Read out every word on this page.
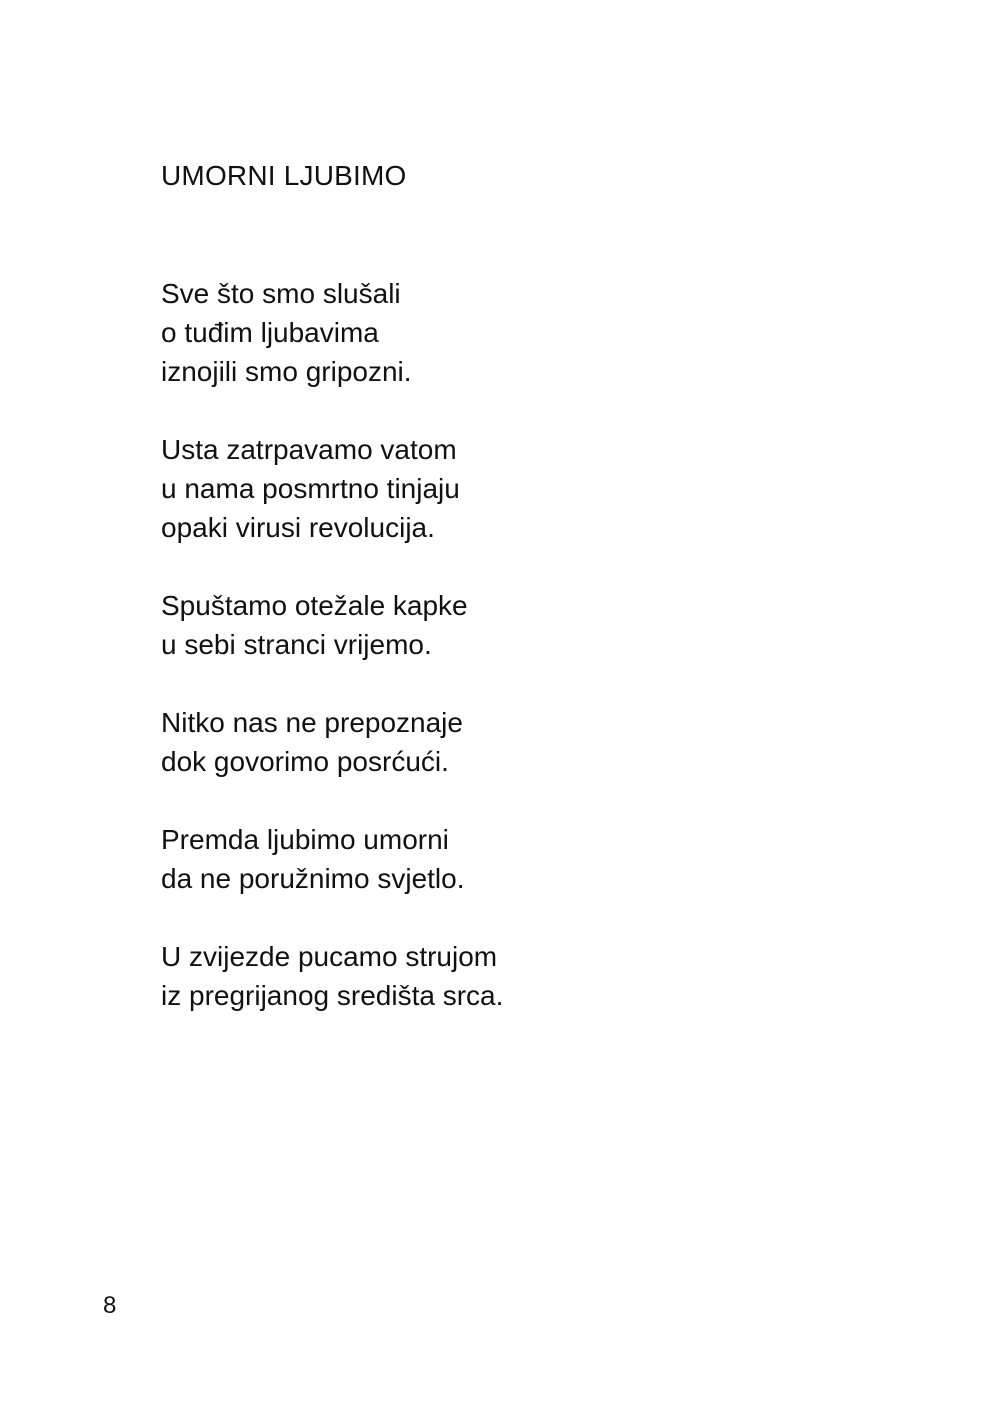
UMORNI LJUBIMO
Sve što smo slušali
o tuđim ljubavima
iznojili smo gripozni.
Usta zatrpavamo vatom
u nama posmrtno tinjaju
opaki virusi revolucija.
Spuštamo otežale kapke
u sebi stranci vrijemo.
Nitko nas ne prepoznaje
dok govorimo posrćući.
Premda ljubimo umorni
da ne poružnimo svjetlo.
U zvijezde pucamo strujom
iz pregrijanog središta srca.
8
